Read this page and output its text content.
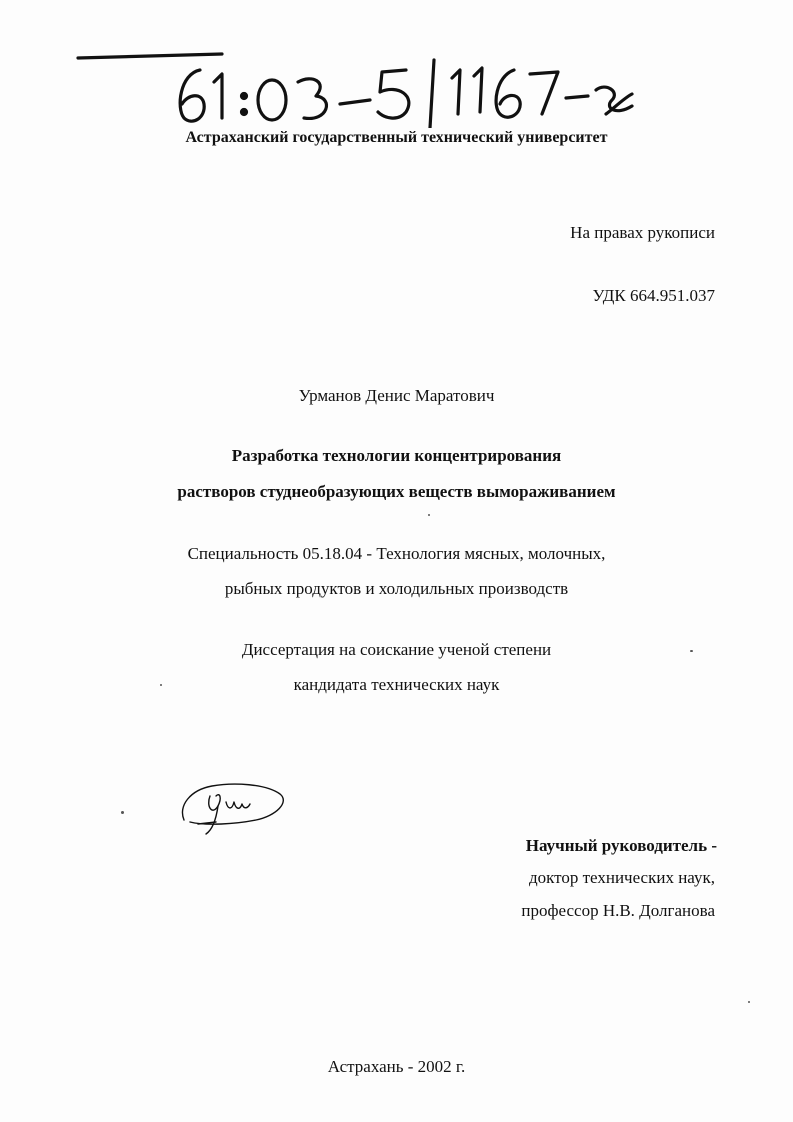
Астраханский государственный технический университет
На правах рукописи
УДК 664.951.037
Урманов Денис Маратович
Разработка технологии концентрирования
растворов студнеобразующих веществ вымораживанием
Специальность 05.18.04 - Технология мясных, молочных,
рыбных продуктов и холодильных производств
Диссертация на соискание ученой степени
кандидата технических наук
Научный руководитель -
доктор технических наук,
профессор Н.В. Долганова
Астрахань - 2002 г.
